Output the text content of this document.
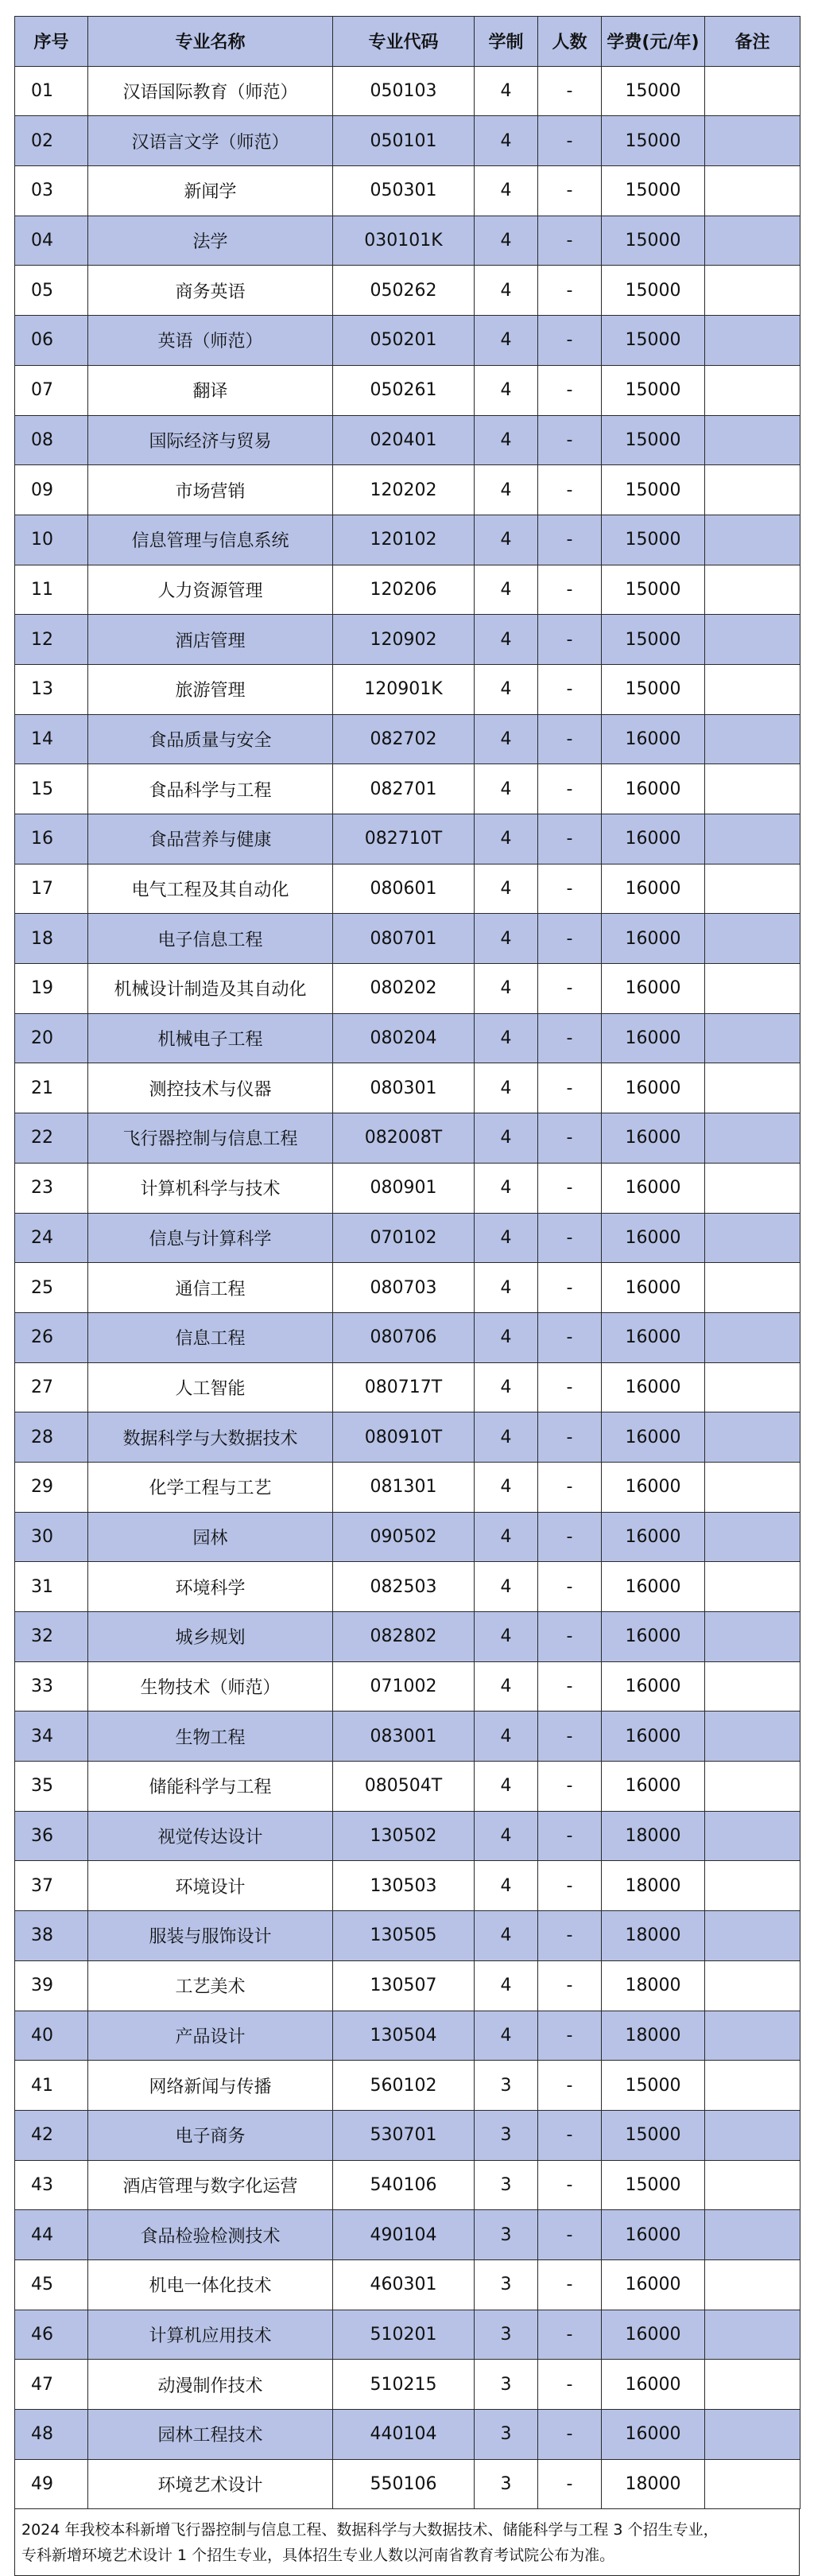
序号	专业名称	专业代码	学制	人数	学费(元/年)	备注
01	汉语国际教育（师范）	050103	4	-	15000	
02	汉语言文学（师范）	050101	4	-	15000	
03	新闻学	050301	4	-	15000	
04	法学	030101K	4	-	15000	
05	商务英语	050262	4	-	15000	
06	英语（师范）	050201	4	-	15000	
07	翻译	050261	4	-	15000	
08	国际经济与贸易	020401	4	-	15000	
09	市场营销	120202	4	-	15000	
10	信息管理与信息系统	120102	4	-	15000	
11	人力资源管理	120206	4	-	15000	
12	酒店管理	120902	4	-	15000	
13	旅游管理	120901K	4	-	15000	
14	食品质量与安全	082702	4	-	16000	
15	食品科学与工程	082701	4	-	16000	
16	食品营养与健康	082710T	4	-	16000	
17	电气工程及其自动化	080601	4	-	16000	
18	电子信息工程	080701	4	-	16000	
19	机械设计制造及其自动化	080202	4	-	16000	
20	机械电子工程	080204	4	-	16000	
21	测控技术与仪器	080301	4	-	16000	
22	飞行器控制与信息工程	082008T	4	-	16000	
23	计算机科学与技术	080901	4	-	16000	
24	信息与计算科学	070102	4	-	16000	
25	通信工程	080703	4	-	16000	
26	信息工程	080706	4	-	16000	
27	人工智能	080717T	4	-	16000	
28	数据科学与大数据技术	080910T	4	-	16000	
29	化学工程与工艺	081301	4	-	16000	
30	园林	090502	4	-	16000	
31	环境科学	082503	4	-	16000	
32	城乡规划	082802	4	-	16000	
33	生物技术（师范）	071002	4	-	16000	
34	生物工程	083001	4	-	16000	
35	储能科学与工程	080504T	4	-	16000	
36	视觉传达设计	130502	4	-	18000	
37	环境设计	130503	4	-	18000	
38	服装与服饰设计	130505	4	-	18000	
39	工艺美术	130507	4	-	18000	
40	产品设计	130504	4	-	18000	
41	网络新闻与传播	560102	3	-	15000	
42	电子商务	530701	3	-	15000	
43	酒店管理与数字化运营	540106	3	-	15000	
44	食品检验检测技术	490104	3	-	16000	
45	机电一体化技术	460301	3	-	16000	
46	计算机应用技术	510201	3	-	16000	
47	动漫制作技术	510215	3	-	16000	
48	园林工程技术	440104	3	-	16000	
49	环境艺术设计	550106	3	-	18000	
2024 年我校本科新增飞行器控制与信息工程、数据科学与大数据技术、储能科学与工程 3 个招生专业，
专科新增环境艺术设计 1 个招生专业，具体招生专业人数以河南省教育考试院公布为准。
